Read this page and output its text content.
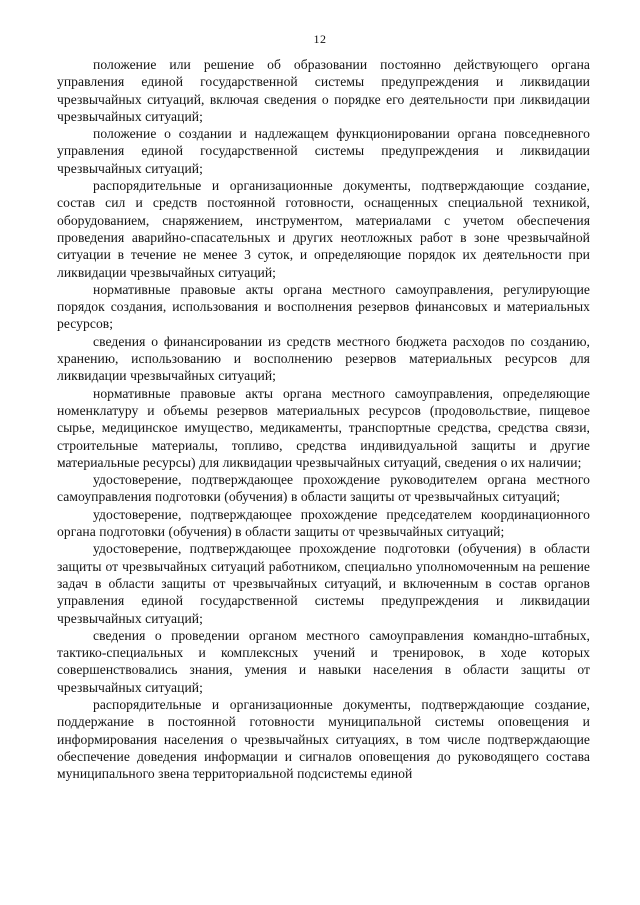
12

положение или решение об образовании постоянно действующего органа управления единой государственной системы предупреждения и ликвидации чрезвычайных ситуаций, включая сведения о порядке его деятельности при ликвидации чрезвычайных ситуаций;

положение о создании и надлежащем функционировании органа повседневного управления единой государственной системы предупреждения и ликвидации чрезвычайных ситуаций;

распорядительные и организационные документы, подтверждающие создание, состав сил и средств постоянной готовности, оснащенных специальной техникой, оборудованием, снаряжением, инструментом, материалами с учетом обеспечения проведения аварийно-спасательных и других неотложных работ в зоне чрезвычайной ситуации в течение не менее 3 суток, и определяющие порядок их деятельности при ликвидации чрезвычайных ситуаций;

нормативные правовые акты органа местного самоуправления, регулирующие порядок создания, использования и восполнения резервов финансовых и материальных ресурсов;

сведения о финансировании из средств местного бюджета расходов по созданию, хранению, использованию и восполнению резервов материальных ресурсов для ликвидации чрезвычайных ситуаций;

нормативные правовые акты органа местного самоуправления, определяющие номенклатуру и объемы резервов материальных ресурсов (продовольствие, пищевое сырье, медицинское имущество, медикаменты, транспортные средства, средства связи, строительные материалы, топливо, средства индивидуальной защиты и другие материальные ресурсы) для ликвидации чрезвычайных ситуаций, сведения о их наличии;

удостоверение, подтверждающее прохождение руководителем органа местного самоуправления подготовки (обучения) в области защиты от чрезвычайных ситуаций;

удостоверение, подтверждающее прохождение председателем координационного органа подготовки (обучения) в области защиты от чрезвычайных ситуаций;

удостоверение, подтверждающее прохождение подготовки (обучения) в области защиты от чрезвычайных ситуаций работником, специально уполномоченным на решение задач в области защиты от чрезвычайных ситуаций, и включенным в состав органов управления единой государственной системы предупреждения и ликвидации чрезвычайных ситуаций;

сведения о проведении органом местного самоуправления командно-штабных, тактико-специальных и комплексных учений и тренировок, в ходе которых совершенствовались знания, умения и навыки населения в области защиты от чрезвычайных ситуаций;

распорядительные и организационные документы, подтверждающие создание, поддержание в постоянной готовности муниципальной системы оповещения и информирования населения о чрезвычайных ситуациях, в том числе подтверждающие обеспечение доведения информации и сигналов оповещения до руководящего состава муниципального звена территориальной подсистемы единой
